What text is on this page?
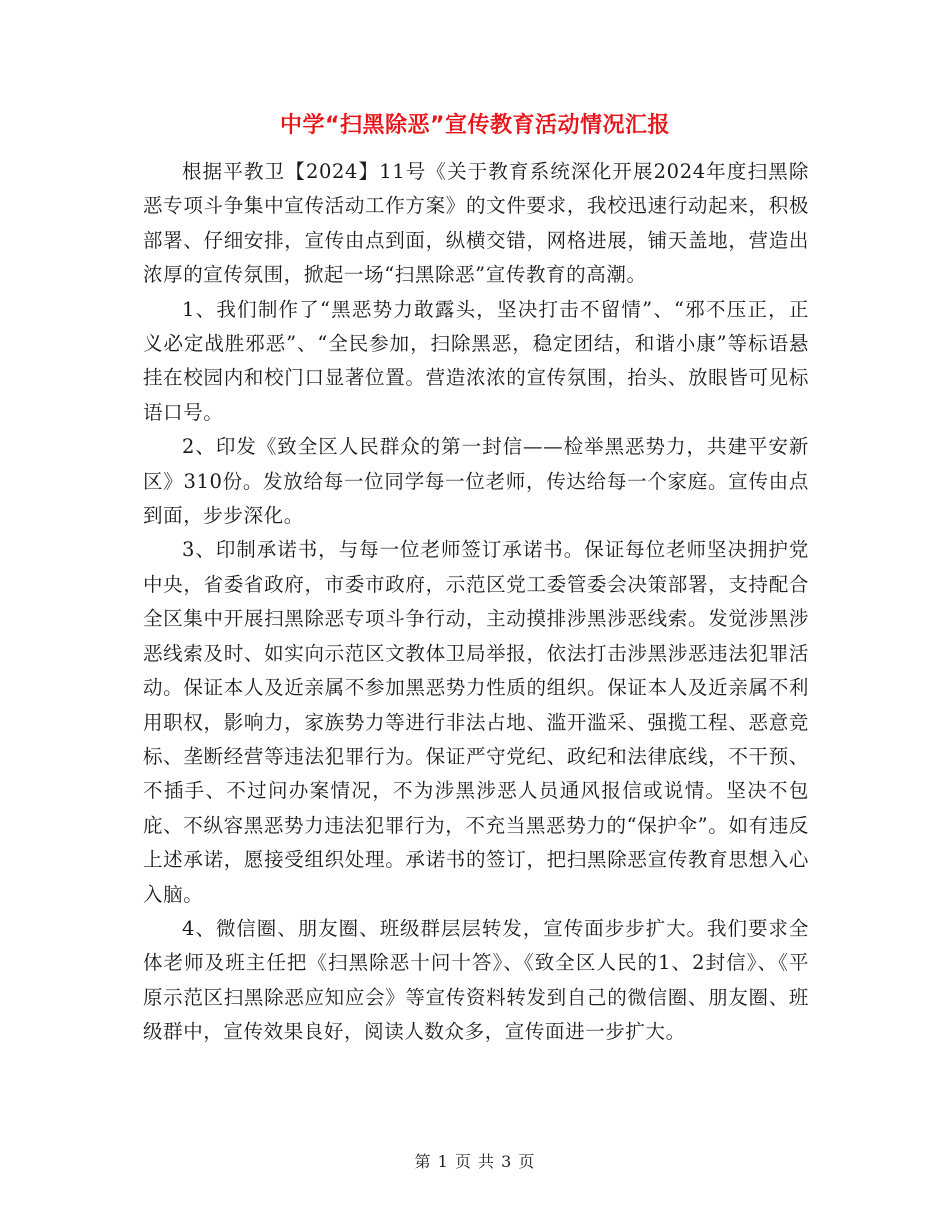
中学“扫黑除恶”宣传教育活动情况汇报

根据平教卫【2024】11号《关于教育系统深化开展2024年度扫黑除恶专项斗争集中宣传活动工作方案》的文件要求，我校迅速行动起来，积极部署、仔细安排，宣传由点到面，纵横交错，网格进展，铺天盖地，营造出浓厚的宣传氛围，掀起一场“扫黑除恶”宣传教育的高潮。

1、我们制作了“黑恶势力敢露头，坚决打击不留情”、“邪不压正，正义必定战胜邪恶”、“全民参加，扫除黑恶，稳定团结，和谐小康”等标语悬挂在校园内和校门口显著位置。营造浓浓的宣传氛围，抬头、放眼皆可见标语口号。

2、印发《致全区人民群众的第一封信——检举黑恶势力，共建平安新区》310份。发放给每一位同学每一位老师，传达给每一个家庭。宣传由点到面，步步深化。

3、印制承诺书，与每一位老师签订承诺书。保证每位老师坚决拥护党中央，省委省政府，市委市政府，示范区党工委管委会决策部署，支持配合全区集中开展扫黑除恶专项斗争行动，主动摸排涉黑涉恶线索。发觉涉黑涉恶线索及时、如实向示范区文教体卫局举报，依法打击涉黑涉恶违法犯罪活动。保证本人及近亲属不参加黑恶势力性质的组织。保证本人及近亲属不利用职权，影响力，家族势力等进行非法占地、滥开滥采、强揽工程、恶意竞标、垄断经营等违法犯罪行为。保证严守党纪、政纪和法律底线，不干预、不插手、不过问办案情况，不为涉黑涉恶人员通风报信或说情。坚决不包庇、不纵容黑恶势力违法犯罪行为，不充当黑恶势力的“保护伞”。如有违反上述承诺，愿接受组织处理。承诺书的签订，把扫黑除恶宣传教育思想入心入脑。

4、微信圈、朋友圈、班级群层层转发，宣传面步步扩大。我们要求全体老师及班主任把《扫黑除恶十问十答》、《致全区人民的1、2封信》、《平原示范区扫黑除恶应知应会》等宣传资料转发到自己的微信圈、朋友圈、班级群中，宣传效果良好，阅读人数众多，宣传面进一步扩大。

第 1 页 共 3 页
